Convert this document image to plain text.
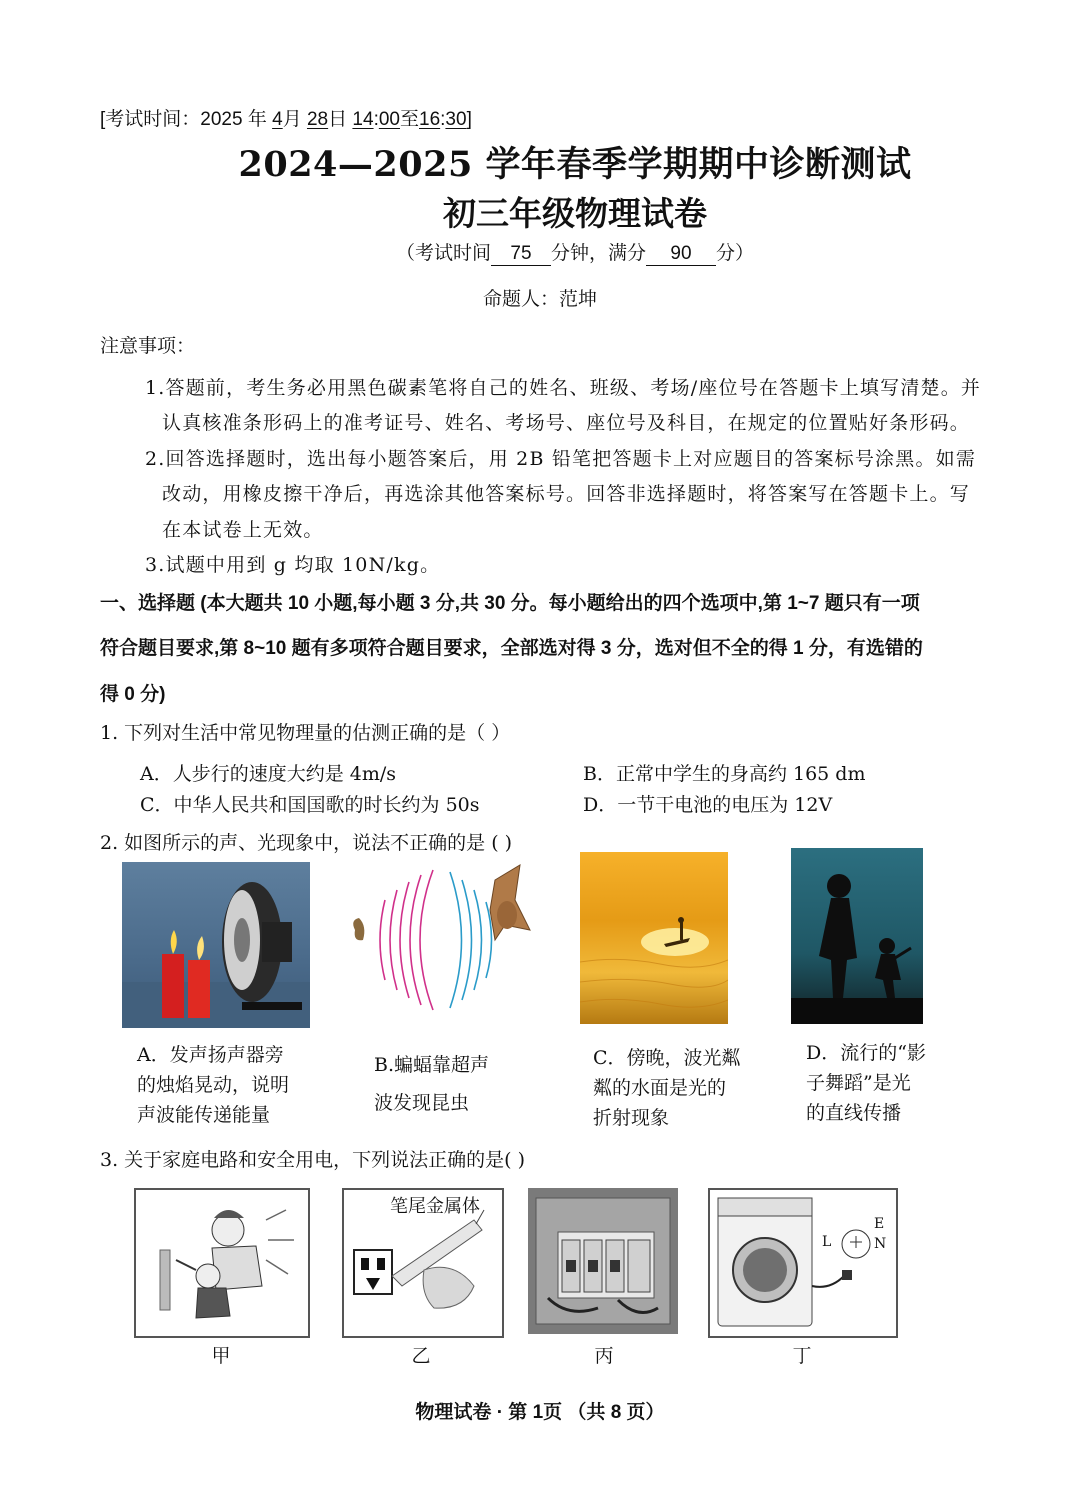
[考试时间：2025 年 4月 28日 14:00至16:30]
2024—2025 学年春季学期期中诊断测试
初三年级物理试卷
（考试时间 75 分钟，满分 90 分）
命题人：范坤
注意事项：
1.答题前，考生务必用黑色碳素笔将自己的姓名、班级、考场/座位号在答题卡上填写清楚。并
认真核准条形码上的准考证号、姓名、考场号、座位号及科目，在规定的位置贴好条形码。
2.回答选择题时，选出每小题答案后，用 2B 铅笔把答题卡上对应题目的答案标号涂黑。如需
改动，用橡皮擦干净后，再选涂其他答案标号。回答非选择题时，将答案写在答题卡上。写
在本试卷上无效。
3.试题中用到 g 均取 10N/kg。
一、选择题 (本大题共 10 小题,每小题 3 分,共 30 分。每小题给出的四个选项中,第 1~7 题只有一项
符合题目要求,第 8~10 题有多项符合题目要求，全部选对得 3 分，选对但不全的得 1 分，有选错的
得 0 分)
1. 下列对生活中常见物理量的估测正确的是（ ）
A．人步行的速度大约是 4m/s	B．正常中学生的身高约 165 dm
C．中华人民共和国国歌的时长约为 50s	D．一节干电池的电压为 12V
2. 如图所示的声、光现象中，说法不正确的是 ( )
A．发声扬声器旁
的烛焰晃动，说明
声波能传递能量
B.蝙蝠靠超声
波发现昆虫
C．傍晚，波光粼
粼的水面是光的
折射现象
D．流行的“影
子舞蹈”是光
的直线传播
3. 关于家庭电路和安全用电，下列说法正确的是( )
笔尾金属体
L
E
N
甲	乙	丙	丁
物理试卷 · 第 1页 （共 8 页）
